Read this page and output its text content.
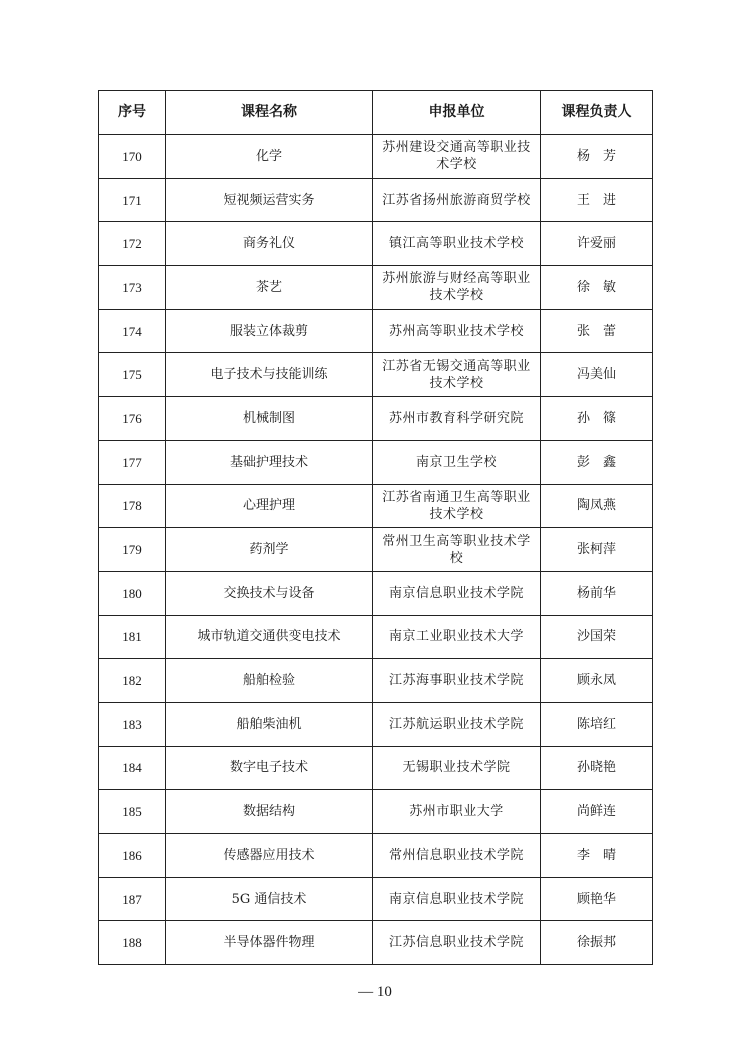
序号	课程名称	申报单位	课程负责人
170	化学	苏州建设交通高等职业技术学校	杨　芳
171	短视频运营实务	江苏省扬州旅游商贸学校	王　进
172	商务礼仪	镇江高等职业技术学校	许爱丽
173	茶艺	苏州旅游与财经高等职业技术学校	徐　敏
174	服装立体裁剪	苏州高等职业技术学校	张　蕾
175	电子技术与技能训练	江苏省无锡交通高等职业技术学校	冯美仙
176	机械制图	苏州市教育科学研究院	孙　篠
177	基础护理技术	南京卫生学校	彭　鑫
178	心理护理	江苏省南通卫生高等职业技术学校	陶凤燕
179	药剂学	常州卫生高等职业技术学校	张柯萍
180	交换技术与设备	南京信息职业技术学院	杨前华
181	城市轨道交通供变电技术	南京工业职业技术大学	沙国荣
182	船舶检验	江苏海事职业技术学院	顾永凤
183	船舶柴油机	江苏航运职业技术学院	陈培红
184	数字电子技术	无锡职业技术学院	孙晓艳
185	数据结构	苏州市职业大学	尚鲜连
186	传感器应用技术	常州信息职业技术学院	李　晴
187	5G 通信技术	南京信息职业技术学院	顾艳华
188	半导体器件物理	江苏信息职业技术学院	徐振邦
— 10
